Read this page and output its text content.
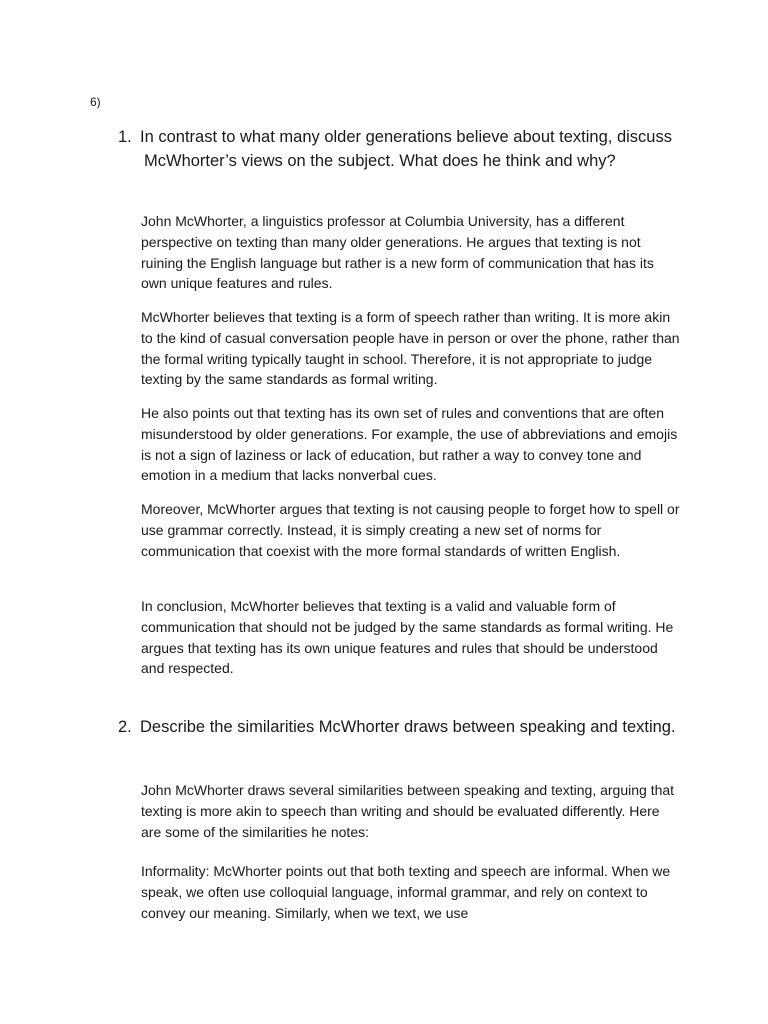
6)
1. In contrast to what many older generations believe about texting, discuss McWhorter’s views on the subject. What does he think and why?

John McWhorter, a linguistics professor at Columbia University, has a different perspective on texting than many older generations. He argues that texting is not ruining the English language but rather is a new form of communication that has its own unique features and rules.

McWhorter believes that texting is a form of speech rather than writing. It is more akin to the kind of casual conversation people have in person or over the phone, rather than the formal writing typically taught in school. Therefore, it is not appropriate to judge texting by the same standards as formal writing.

He also points out that texting has its own set of rules and conventions that are often misunderstood by older generations. For example, the use of abbreviations and emojis is not a sign of laziness or lack of education, but rather a way to convey tone and emotion in a medium that lacks nonverbal cues.

Moreover, McWhorter argues that texting is not causing people to forget how to spell or use grammar correctly. Instead, it is simply creating a new set of norms for communication that coexist with the more formal standards of written English.

In conclusion, McWhorter believes that texting is a valid and valuable form of communication that should not be judged by the same standards as formal writing. He argues that texting has its own unique features and rules that should be understood and respected.

2. Describe the similarities McWhorter draws between speaking and texting.

John McWhorter draws several similarities between speaking and texting, arguing that texting is more akin to speech than writing and should be evaluated differently. Here are some of the similarities he notes:

Informality: McWhorter points out that both texting and speech are informal. When we speak, we often use colloquial language, informal grammar, and rely on context to convey our meaning. Similarly, when we text, we use
